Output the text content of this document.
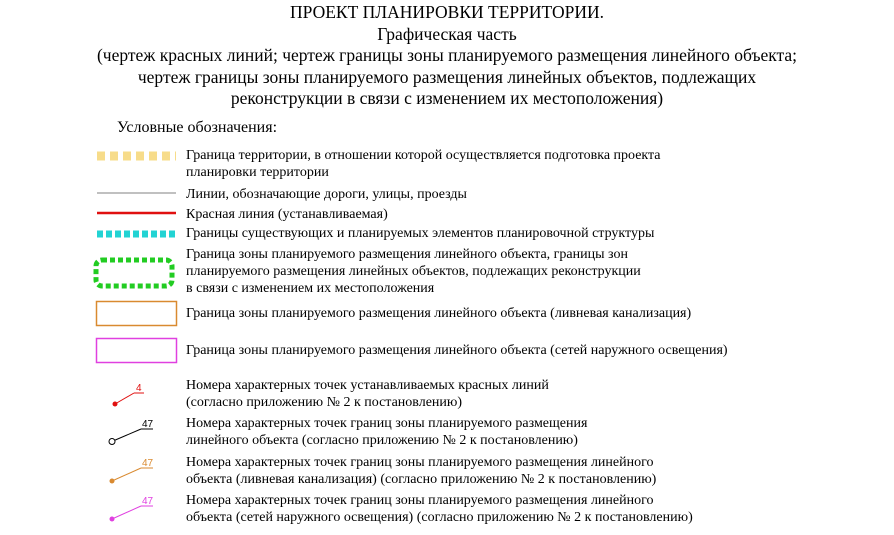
ПРОЕКТ ПЛАНИРОВКИ ТЕРРИТОРИИ.
Графическая часть
(чертеж красных линий; чертеж границы зоны планируемого размещения линейного объекта;
чертеж границы зоны планируемого размещения линейных объектов, подлежащих
реконструкции в связи с изменением их местоположения)
Условные обозначения:
Граница территории, в отношении которой осуществляется подготовка проекта
планировки территории
Линии, обозначающие дороги, улицы, проезды
Красная линия (устанавливаемая)
Границы существующих и планируемых элементов планировочной структуры
Граница зоны планируемого размещения линейного объекта, границы зон
планируемого размещения линейных объектов, подлежащих реконструкции
в связи с изменением их местоположения
Граница зоны планируемого размещения линейного объекта (ливневая канализация)
Граница зоны планируемого размещения линейного объекта (сетей наружного освещения)
4	Номера характерных точек устанавливаемых красных линий
(согласно приложению № 2 к постановлению)
47 Номера характерных точек границ зоны планируемого размещения
линейного объекта (согласно приложению № 2 к постановлению)
47 Номера характерных точек границ зоны планируемого размещения линейного
объекта (ливневая канализация) (согласно приложению № 2 к постановлению)
47 Номера характерных точек границ зоны планируемого размещения линейного
объекта (сетей наружного освещения) (согласно приложению № 2 к постановлению)
